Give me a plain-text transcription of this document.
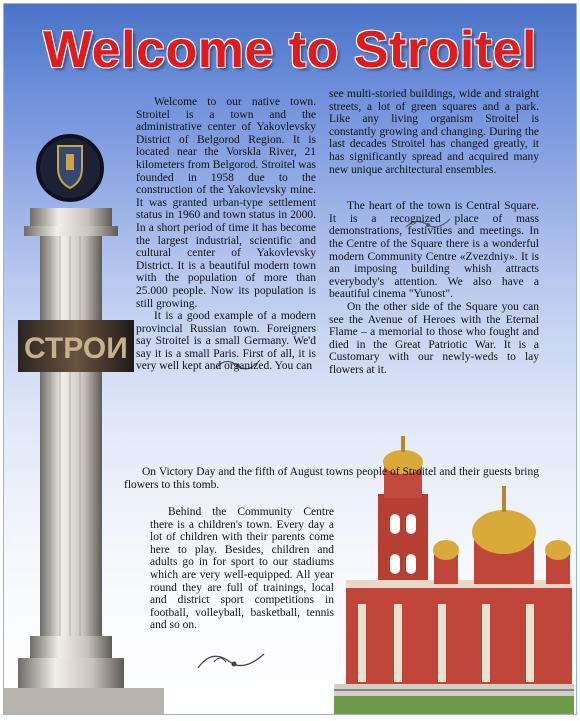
СТРОИ
Welcome to Stroitel

Welcome to our native town. Stroitel is a town and the administrative center of Yakovlevsky District of Belgorod Region. It is located near the Vorskla River, 21 kilometers from Belgorod. Stroitel was founded in 1958 due to the construction of the Yakovlevsky mine. It was granted urban-type settlement status in 1960 and town status in 2000. In a short period of time it has become the largest industrial, scientific and cultural center of Yakovlevsky District. It is a beautiful modern town with the population of more than 25.000 people. Now its population is still growing.

It is a good example of a modern provincial Russian town. Foreigners say Stroitel is a small Germany. We'd say it is a small Paris. First of all, it is very well kept and organized. You can

see multi-storied buildings, wide and straight streets, a lot of green squares and a park. Like any living organism Stroitel is constantly growing and changing. During the last decades Stroitel has changed greatly, it has significantly spread and acquired many new unique architectural ensembles.

The heart of the town is Central Square. It is a recognized place of mass demonstrations, festivities and meetings. In the Centre of the Square there is a wonderful modern Community Centre «Zvezdniy». It is an imposing building whish attracts everybody's attention. We also have a beautiful cinema "Yunost".

On the other side of the Square you can see the Avenue of Heroes with the Eternal Flame – a memorial to those who fought and died in the Great Patriotic War. It is a Customary with our newly-weds to lay flowers at it.

On Victory Day and the fifth of August towns people of Stroitel and their guests bring flowers to this tomb.

Behind the Community Centre there is a children's town. Every day a lot of children with their parents come here to play. Besides, children and adults go in for sport to our stadiums which are very well-equipped. All year round they are full of trainings, local and district sport competitions in football, volleyball, basketball, tennis and so on.
